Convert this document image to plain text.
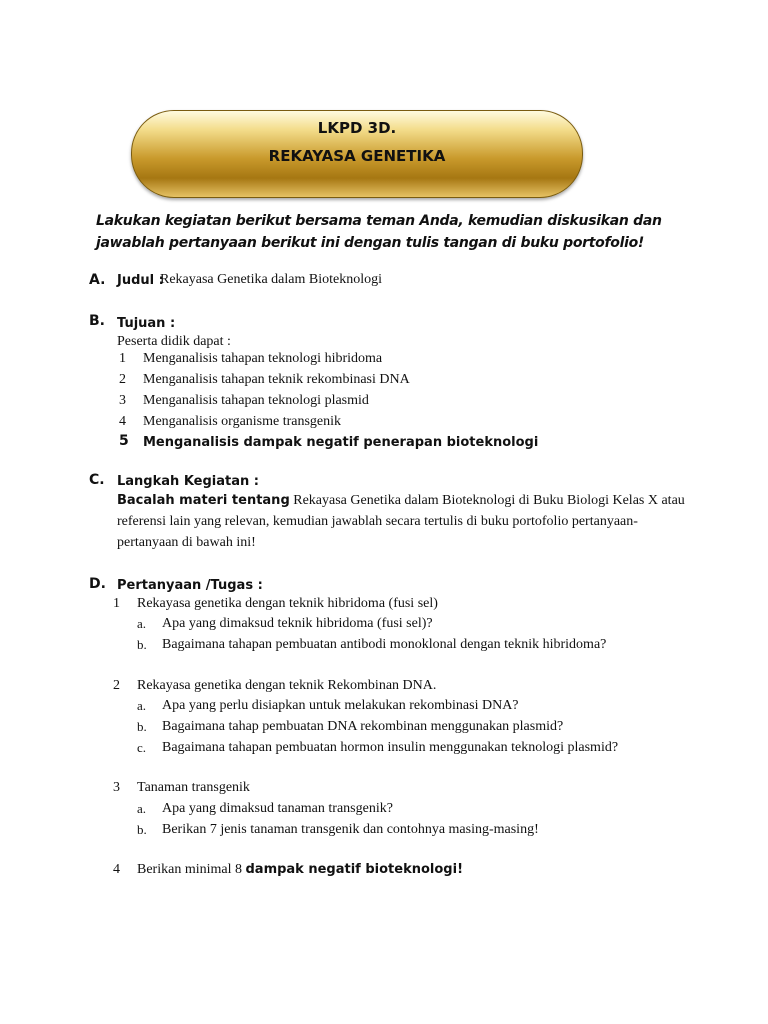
LKPD 3D.
REKAYASA GENETIKA
Lakukan kegiatan berikut bersama teman Anda, kemudian diskusikan dan jawablah pertanyaan berikut ini dengan tulis tangan di buku portofolio!
A. Judul :
Rekayasa Genetika dalam Bioteknologi
B. Tujuan :
Peserta didik dapat :
1 Menganalisis tahapan teknologi hibridoma
2 Menganalisis tahapan teknik rekombinasi DNA
3 Menganalisis tahapan teknologi plasmid
4 Menganalisis organisme transgenik
5 Menganalisis dampak negatif penerapan bioteknologi
C. Langkah Kegiatan :
Bacalah materi tentang Rekayasa Genetika dalam Bioteknologi di Buku Biologi Kelas X atau referensi lain yang relevan, kemudian jawablah secara tertulis di buku portofolio pertanyaan-pertanyaan di bawah ini!
D. Pertanyaan /Tugas :
1 Rekayasa genetika dengan teknik hibridoma (fusi sel)
a. Apa yang dimaksud teknik hibridoma (fusi sel)?
b. Bagaimana tahapan pembuatan antibodi monoklonal dengan teknik hibridoma?
2 Rekayasa genetika dengan teknik Rekombinan DNA.
a. Apa yang perlu disiapkan untuk melakukan rekombinasi DNA?
b. Bagaimana tahap pembuatan DNA rekombinan menggunakan plasmid?
c. Bagaimana tahapan pembuatan hormon insulin menggunakan teknologi plasmid?
3 Tanaman transgenik
a. Apa yang dimaksud tanaman transgenik?
b. Berikan 7 jenis tanaman transgenik dan contohnya masing-masing!
4 Berikan minimal 8 dampak negatif bioteknologi!
